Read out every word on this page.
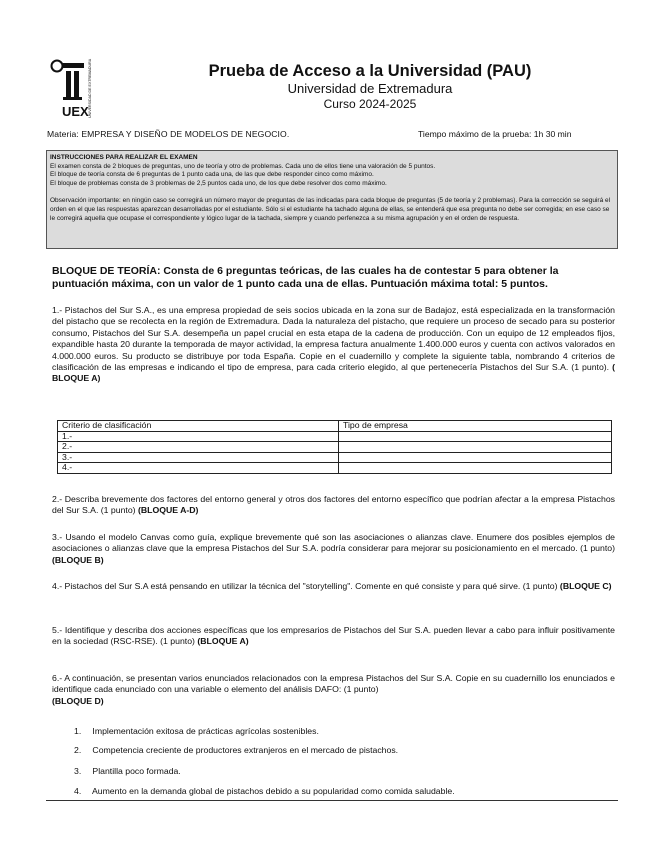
UEX UNIVERSIDAD DE EXTREMADURA	Prueba de Acceso a la Universidad (PAU)
Universidad de Extremadura
Curso 2024-2025
Materia: EMPRESA Y DISEÑO DE MODELOS DE NEGOCIO.	Tiempo máximo de la prueba: 1h 30 min
INSTRUCCIONES PARA REALIZAR EL EXAMEN
El examen consta de 2 bloques de preguntas, uno de teoría y otro de problemas. Cada uno de ellos tiene una valoración de 5 puntos.
El bloque de teoría consta de 6 preguntas de 1 punto cada una, de las que debe responder cinco como máximo.
El bloque de problemas consta de 3 problemas de 2,5 puntos cada uno, de los que debe resolver dos como máximo.
Observación importante: en ningún caso se corregirá un número mayor de preguntas de las indicadas para cada bloque de preguntas (5 de teoría y 2 problemas). Para la corrección se seguirá el orden en el que las respuestas aparezcan desarrolladas por el estudiante. Sólo si el estudiante ha tachado alguna de ellas, se entenderá que esa pregunta no debe ser corregida; en ese caso se le corregirá aquella que ocupase el correspondiente y lógico lugar de la tachada, siempre y cuando perfenezca a su misma agrupación y en el orden de respuesta.
BLOQUE DE TEORÍA: Consta de 6 preguntas teóricas, de las cuales ha de contestar 5 para obtener la puntuación máxima, con un valor de 1 punto cada una de ellas. Puntuación máxima total: 5 puntos.
1.- Pistachos del Sur S.A., es una empresa propiedad de seis socios ubicada en la zona sur de Badajoz, está especializada en la transformación del pistacho que se recolecta en la región de Extremadura. Dada la naturaleza del pistacho, que requiere un proceso de secado para su posterior consumo, Pistachos del Sur S.A. desempeña un papel crucial en esta etapa de la cadena de producción. Con un equipo de 12 empleados fijos, expandible hasta 20 durante la temporada de mayor actividad, la empresa factura anualmente 1.400.000 euros y cuenta con activos valorados en 4.000.000 euros. Su producto se distribuye por toda España. Copie en el cuadernillo y complete la siguiente tabla, nombrando 4 criterios de clasificación de las empresas e indicando el tipo de empresa, para cada criterio elegido, al que pertenecería Pistachos del Sur S.A. (1 punto). ( BLOQUE A)
Criterio de clasificación	Tipo de empresa
1.-	
2.-	
3.-	
4.-	
2.- Describa brevemente dos factores del entorno general y otros dos factores del entorno específico que podrían afectar a la empresa Pistachos del Sur S.A. (1 punto) (BLOQUE A-D)
3.- Usando el modelo Canvas como guía, explique brevemente qué son las asociaciones o alianzas clave. Enumere dos posibles ejemplos de asociaciones o alianzas clave que la empresa Pistachos del Sur S.A. podría considerar para mejorar su posicionamiento en el mercado. (1 punto) (BLOQUE B)
4.- Pistachos del Sur S.A está pensando en utilizar la técnica del "storytelling". Comente en qué consiste y para qué sirve. (1 punto) (BLOQUE C)
5.- Identifique y describa dos acciones específicas que los empresarios de Pistachos del Sur S.A. pueden llevar a cabo para influir positivamente en la sociedad (RSC-RSE). (1 punto) (BLOQUE A)
6.- A continuación, se presentan varios enunciados relacionados con la empresa Pistachos del Sur S.A. Copie en su cuadernillo los enunciados e identifique cada enunciado con una variable o elemento del análisis DAFO: (1 punto)
(BLOQUE D)
1. Implementación exitosa de prácticas agrícolas sostenibles.
2. Competencia creciente de productores extranjeros en el mercado de pistachos.
3. Plantilla poco formada.
4. Aumento en la demanda global de pistachos debido a su popularidad como comida saludable.
